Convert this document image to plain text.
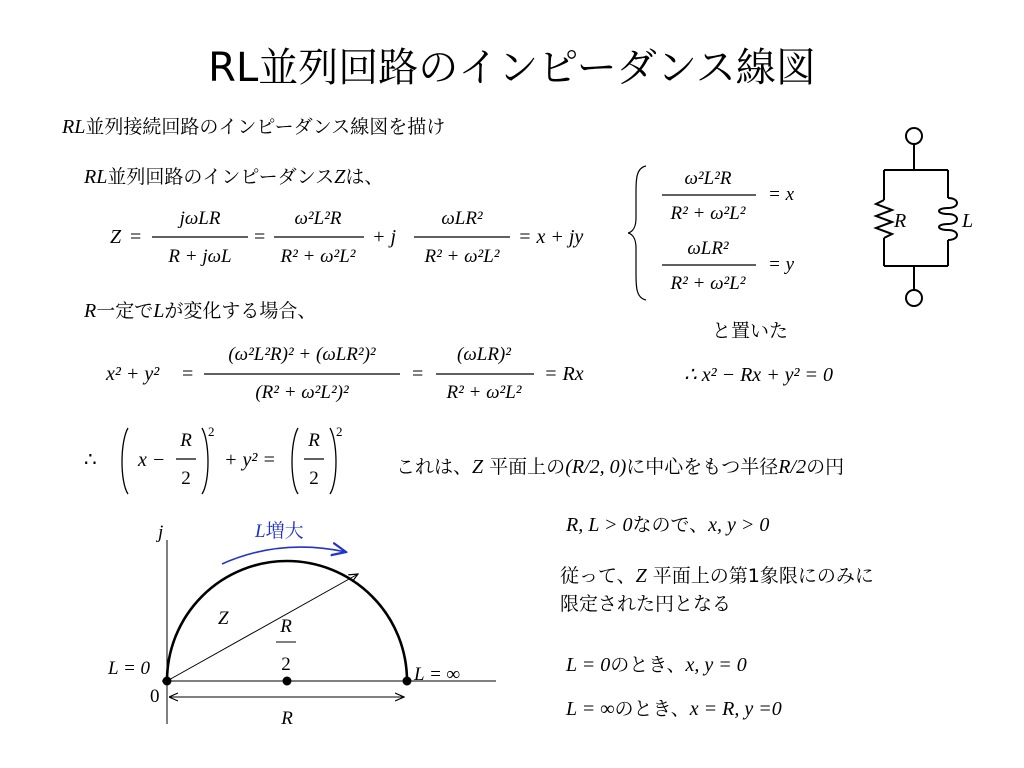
RL並列回路のインピーダンス線図
RL並列接続回路のインピーダンス線図を描け
RL並列回路のインピーダンスZは、
Z =
jωLR
R + jωL
=
ω²L²R
R² + ω²L²
+ j
ωLR²
R² + ω²L²
= x + jy
ω²L²R
R² + ω²L²
= x
ωLR²
R² + ω²L²
= y
と置いた
R	L
R一定でLが変化する場合、
x² + y² =
(ω²L²R)² + (ωLR²)²
(R² + ω²L²)²
=
(ωLR)²
R² + ω²L²
= Rx	∴ x² − Rx + y² = 0
∴ x −
R
2
2
+ y² =
R
2
2
これは、Z 平面上の(R/2, 0)に中心をもつ半径R/2の円
R, L > 0なので、x, y > 0
従って、Z 平面上の第1象限にのみに
限定された円となる
L = 0のとき、x, y = 0
L = ∞のとき、x = R, y =0
j	L増大
Z	R
2
L = 0
0
L = ∞
R
